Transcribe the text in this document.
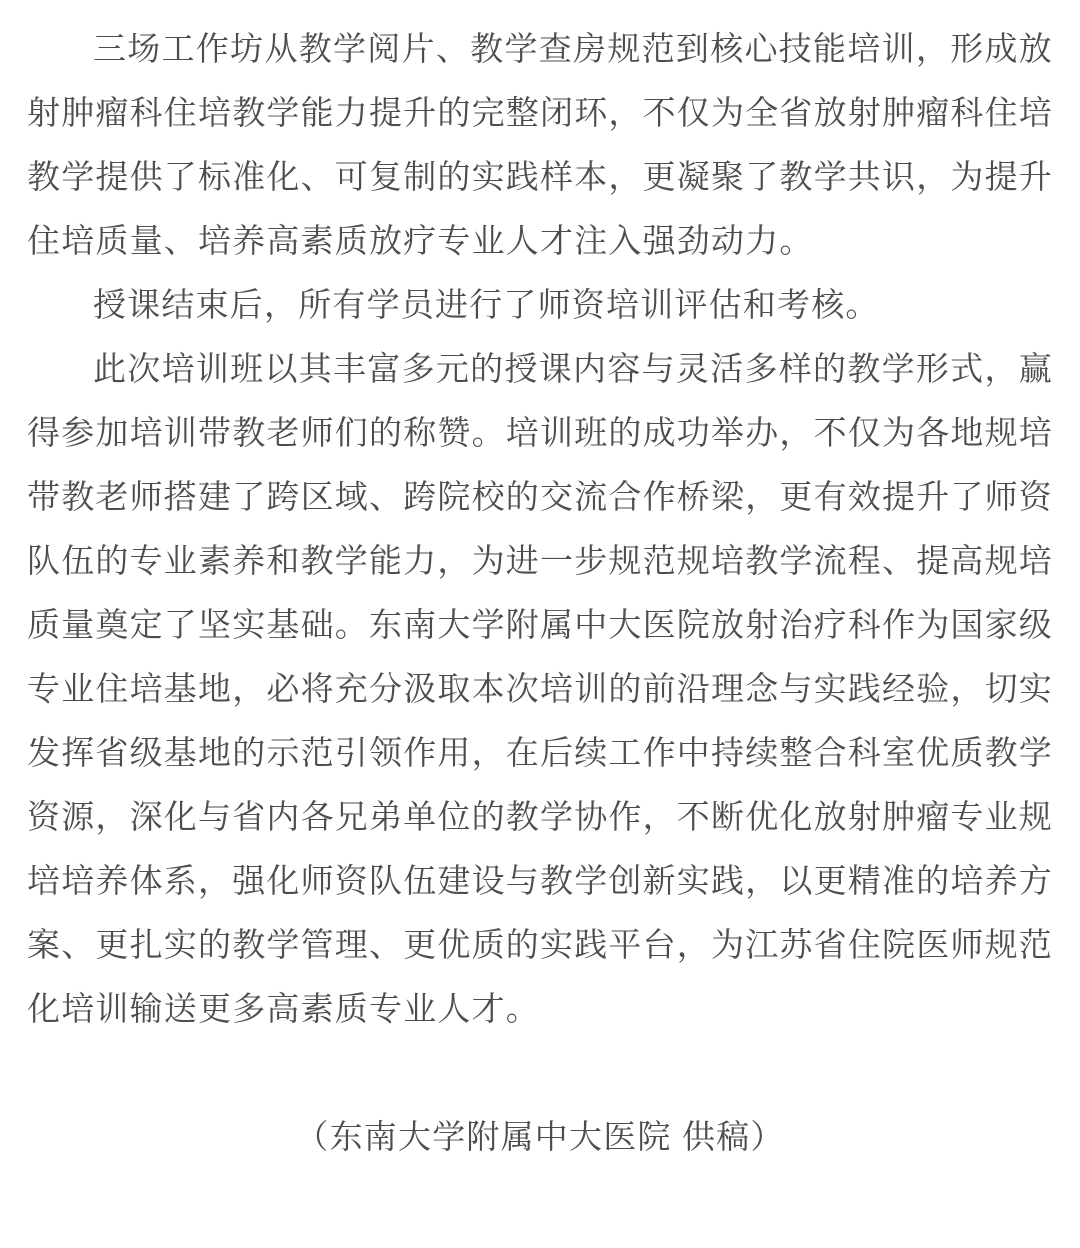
三场工作坊从教学阅片、教学查房规范到核心技能培训，形成放射肿瘤科住培教学能力提升的完整闭环，不仅为全省放射肿瘤科住培教学提供了标准化、可复制的实践样本，更凝聚了教学共识，为提升住培质量、培养高素质放疗专业人才注入强劲动力。

授课结束后，所有学员进行了师资培训评估和考核。

此次培训班以其丰富多元的授课内容与灵活多样的教学形式，赢得参加培训带教老师们的称赞。培训班的成功举办，不仅为各地规培带教老师搭建了跨区域、跨院校的交流合作桥梁，更有效提升了师资队伍的专业素养和教学能力，为进一步规范规培教学流程、提高规培质量奠定了坚实基础。东南大学附属中大医院放射治疗科作为国家级专业住培基地，必将充分汲取本次培训的前沿理念与实践经验，切实发挥省级基地的示范引领作用，在后续工作中持续整合科室优质教学资源，深化与省内各兄弟单位的教学协作，不断优化放射肿瘤专业规培培养体系，强化师资队伍建设与教学创新实践，以更精准的培养方案、更扎实的教学管理、更优质的实践平台，为江苏省住院医师规范化培训输送更多高素质专业人才。

（东南大学附属中大医院 供稿）
